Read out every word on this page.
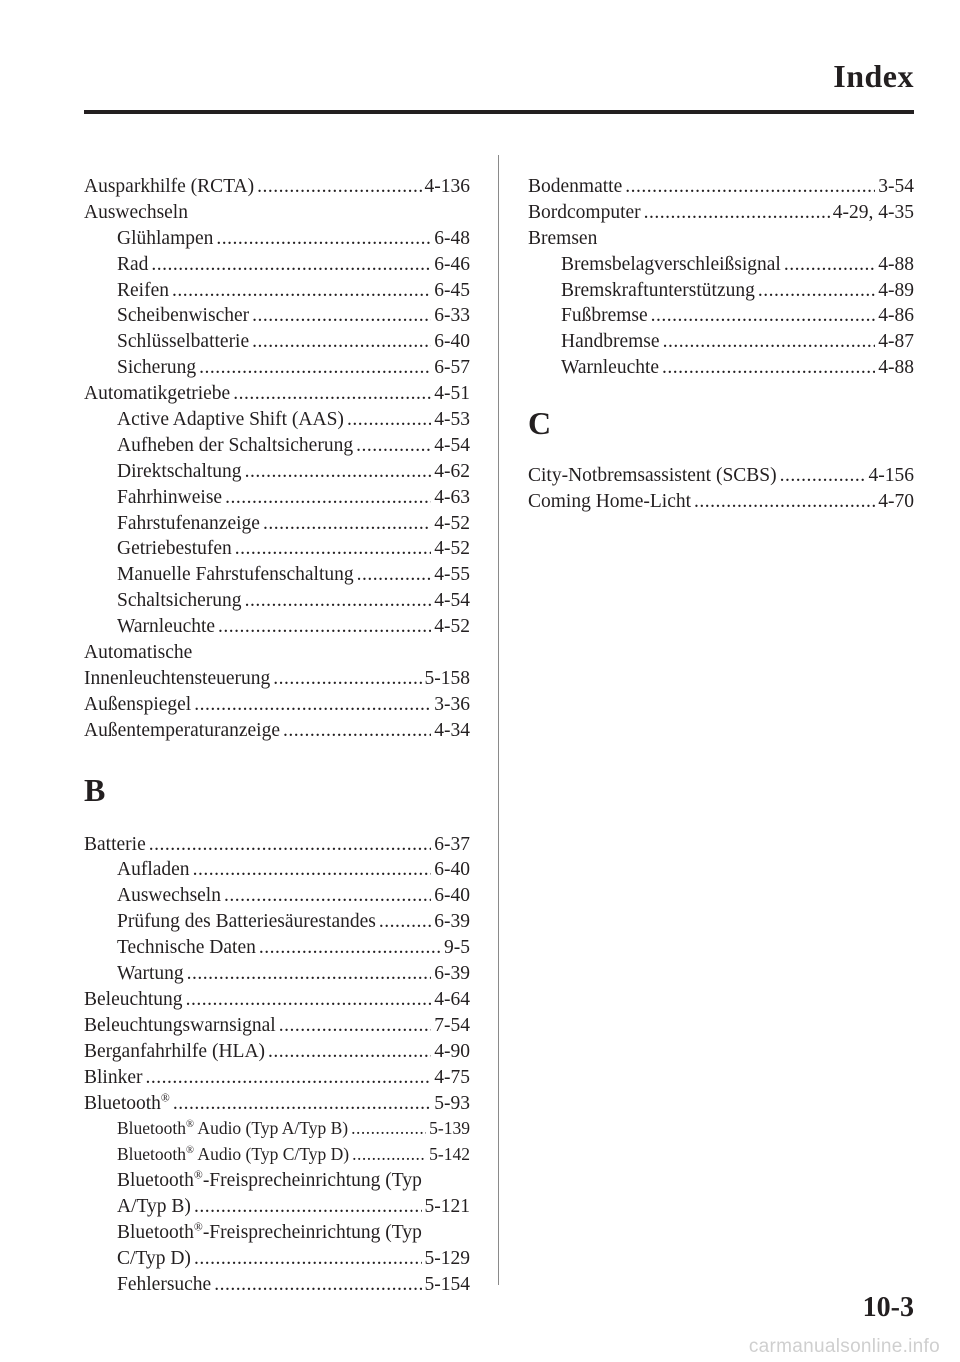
Index
Ausparkhilfe (RCTA) .....	4-136
Auswechseln
Glühlampen .....	6-48
Rad .....	6-46
Reifen .....	6-45
Scheibenwischer .....	6-33
Schlüsselbatterie .....	6-40
Sicherung .....	6-57
Automatikgetriebe .....	4-51
Active Adaptive Shift (AAS) .....	4-53
Aufheben der Schaltsicherung .....	4-54
Direktschaltung .....	4-62
Fahrhinweise .....	4-63
Fahrstufenanzeige .....	4-52
Getriebestufen .....	4-52
Manuelle Fahrstufenschaltung .....	4-55
Schaltsicherung .....	4-54
Warnleuchte .....	4-52
Automatische
Innenleuchtensteuerung .....	5-158
Außenspiegel .....	3-36
Außentemperaturanzeige .....	4-34
B
Batterie .....	6-37
Aufladen .....	6-40
Auswechseln .....	6-40
Prüfung des Batteriesäurestandes .....	6-39
Technische Daten .....	9-5
Wartung .....	6-39
Beleuchtung .....	4-64
Beleuchtungswarnsignal .....	7-54
Berganfahrhilfe (HLA) .....	4-90
Blinker .....	4-75
Bluetooth® .....	5-93
Bluetooth® Audio (Typ A/Typ B) .....	5-139
Bluetooth® Audio (Typ C/Typ D) .....	5-142
Bluetooth®-Freisprecheinrichtung (Typ
A/Typ B) .....	5-121
Bluetooth®-Freisprecheinrichtung (Typ
C/Typ D) .....	5-129
Fehlersuche .....	5-154
Bodenmatte .....	3-54
Bordcomputer .....	4-29, 4-35
Bremsen
Bremsbelagverschleißsignal .....	4-88
Bremskraftunterstützung .....	4-89
Fußbremse .....	4-86
Handbremse .....	4-87
Warnleuchte .....	4-88
C
City-Notbremsassistent (SCBS) .....	4-156
Coming Home-Licht .....	4-70
10-3
carmanualsonline.info
